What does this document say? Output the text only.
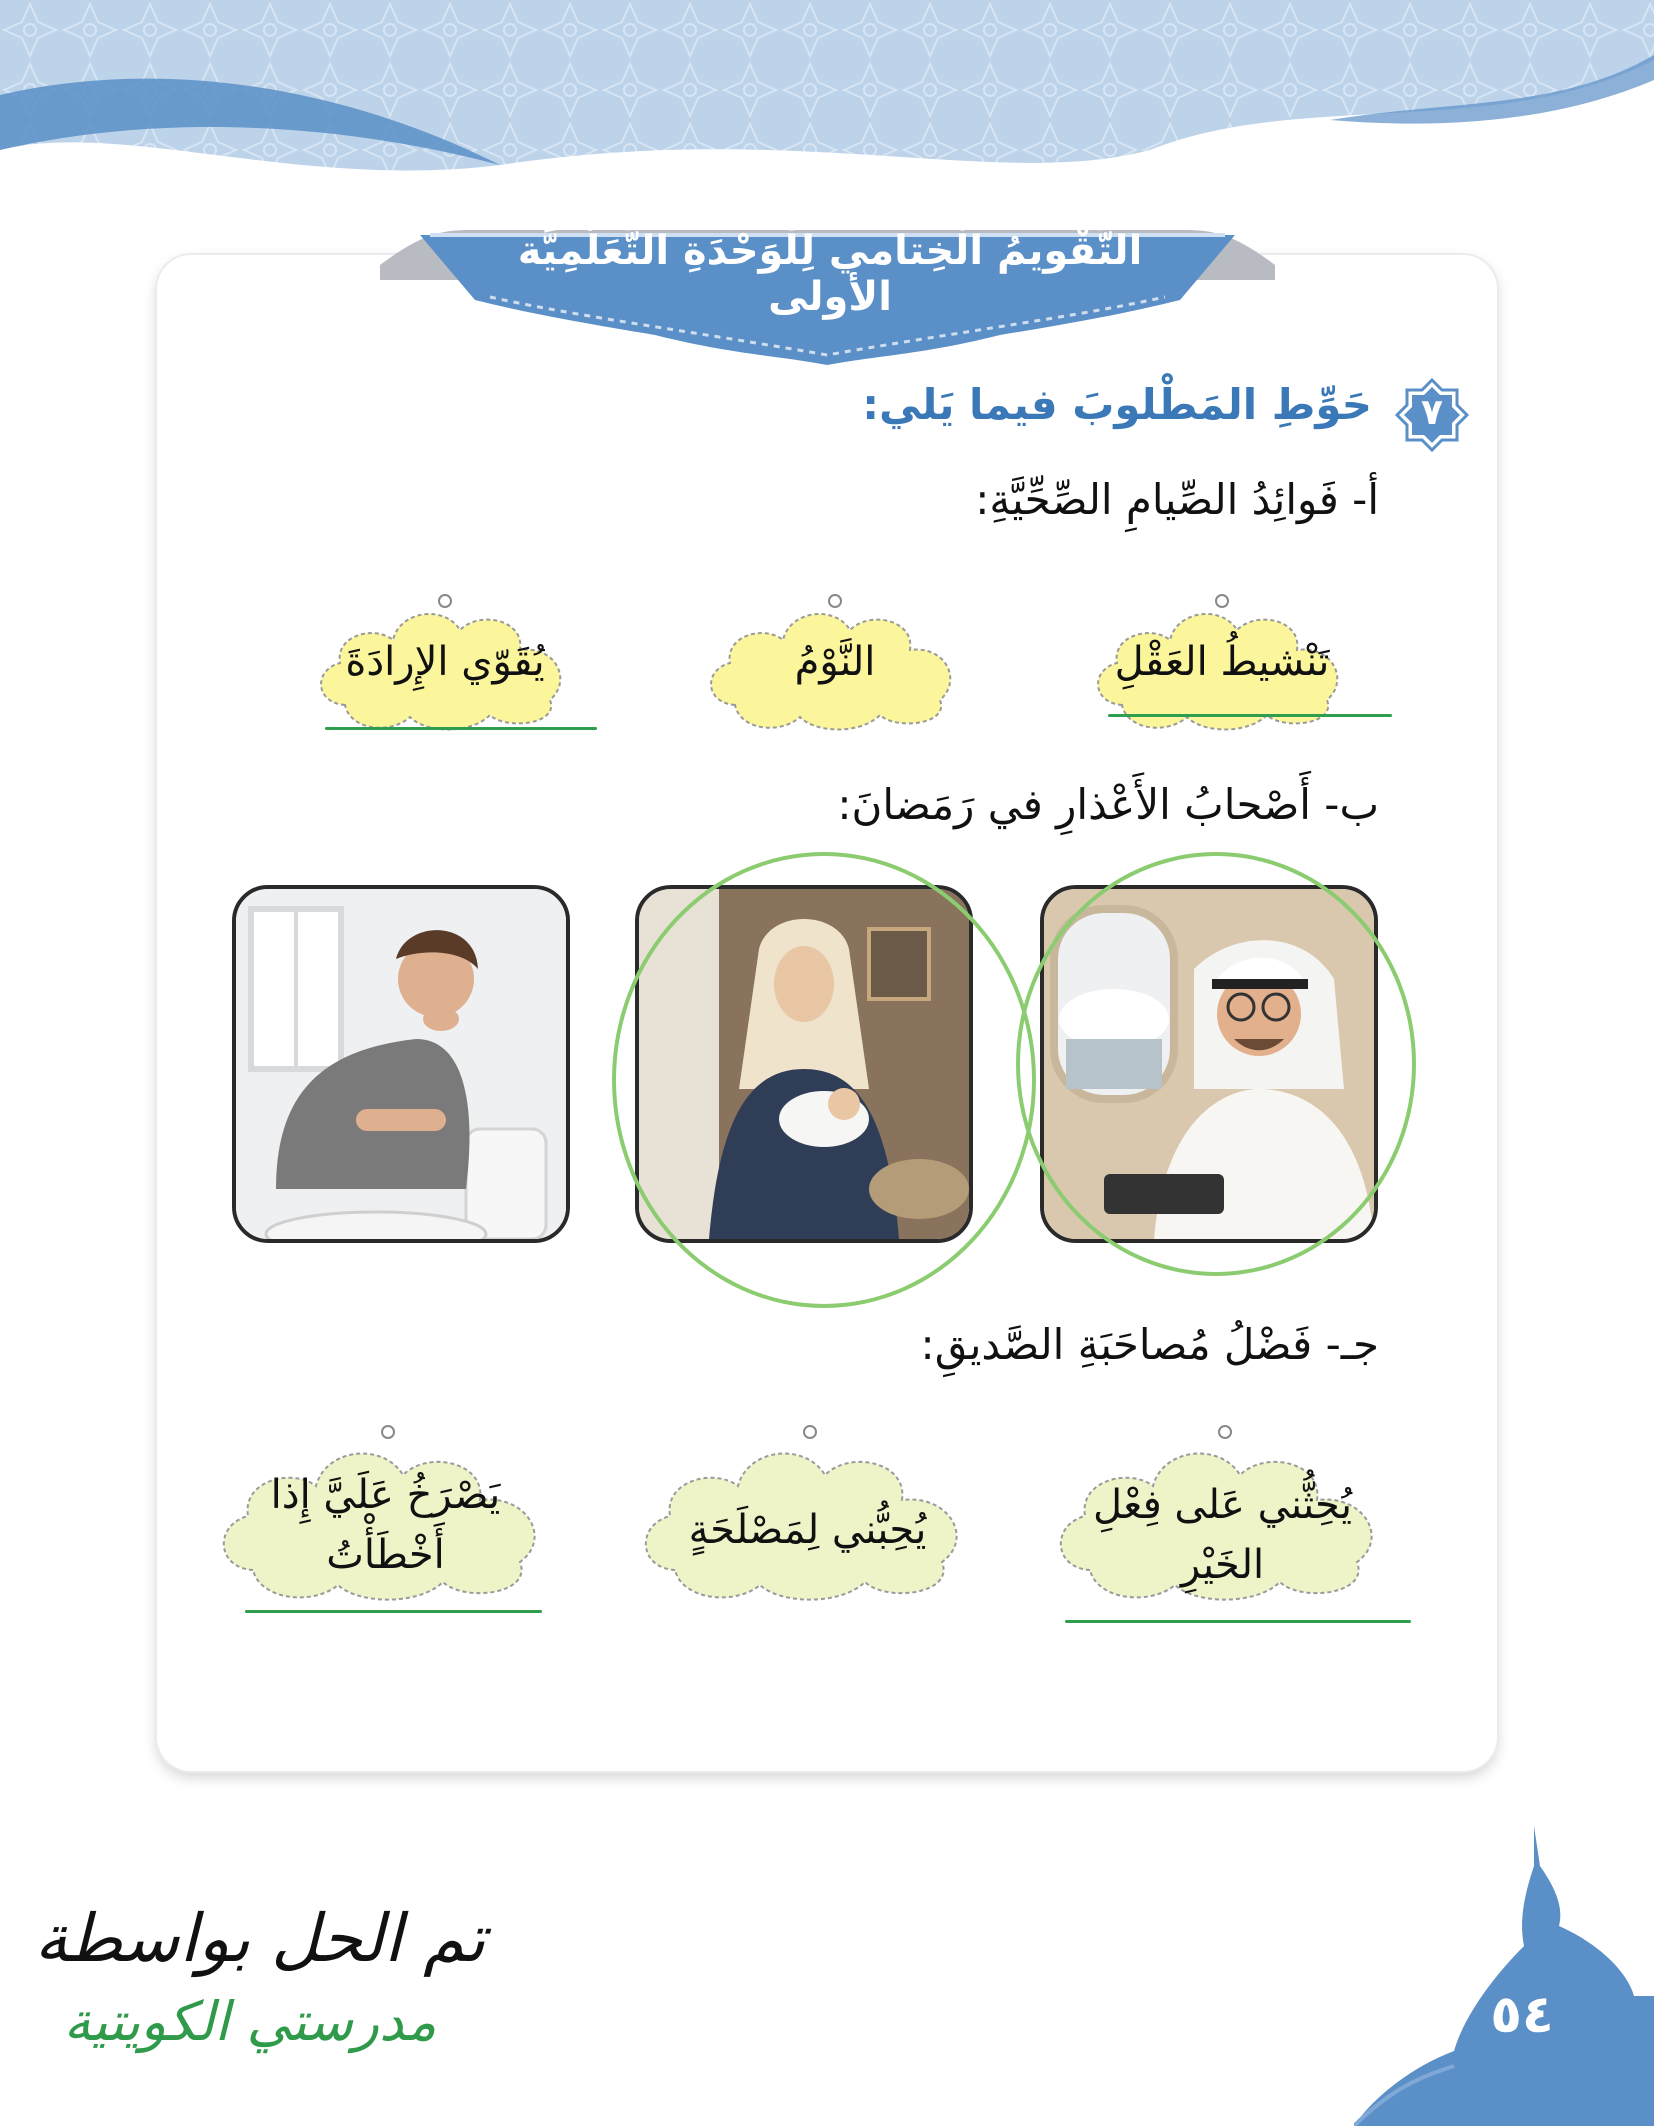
التَّقْويمُ الْخِتامي لِلْوَحْدَةِ التَّعَلُّمِيَّة الأولى
٧
حَوِّطِ المَطْلوبَ فيما يَلي:
أ- فَوائِدُ الصِّيامِ الصِّحِّيَّةِ:
تَنْشيطُ العَقْلِ
النَّوْمُ
يُقَوّي الإِرادَةَ
ب- أَصْحابُ الأَعْذارِ في رَمَضانَ:
جـ- فَضْلُ مُصاحَبَةِ الصَّديقِ:
يُحِثُّني عَلى فِعْلِ
الخَيْرِ
يُحِبُّني لِمَصْلَحَةٍ
يَصْرَخُ عَلَيَّ إِذا
أَخْطَأْتُ
٥٤
تم الحل بواسطة
مدرستي الكويتية
